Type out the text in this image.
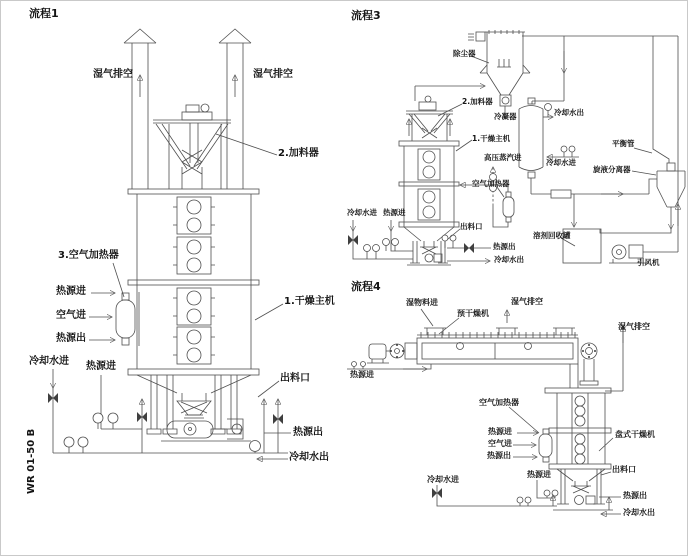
流程1
湿气排空	湿气排空
2.加料器
3.空气加热器
热源进
空气进
热源出
冷却水进 热源进
WR 01-50 B
1.干燥主机
出料口
热源出
冷却水出
流程3
除尘器
2.加料器
冷凝器	冷却水出
1.干燥主机
高压蒸汽进
冷却水进
平衡管
旋液分离器
空气加热器
冷却水进 热源进
出料口
热源出
冷却水出
溶剂回收罐
引风机
流程4
湿物料进
预干燥机
湿气排空
湿气排空
热源进
空气加热器
热源进
空气进
热源出
盘式干燥机
出料口
冷却水进
热源进
热源出
冷却水出
